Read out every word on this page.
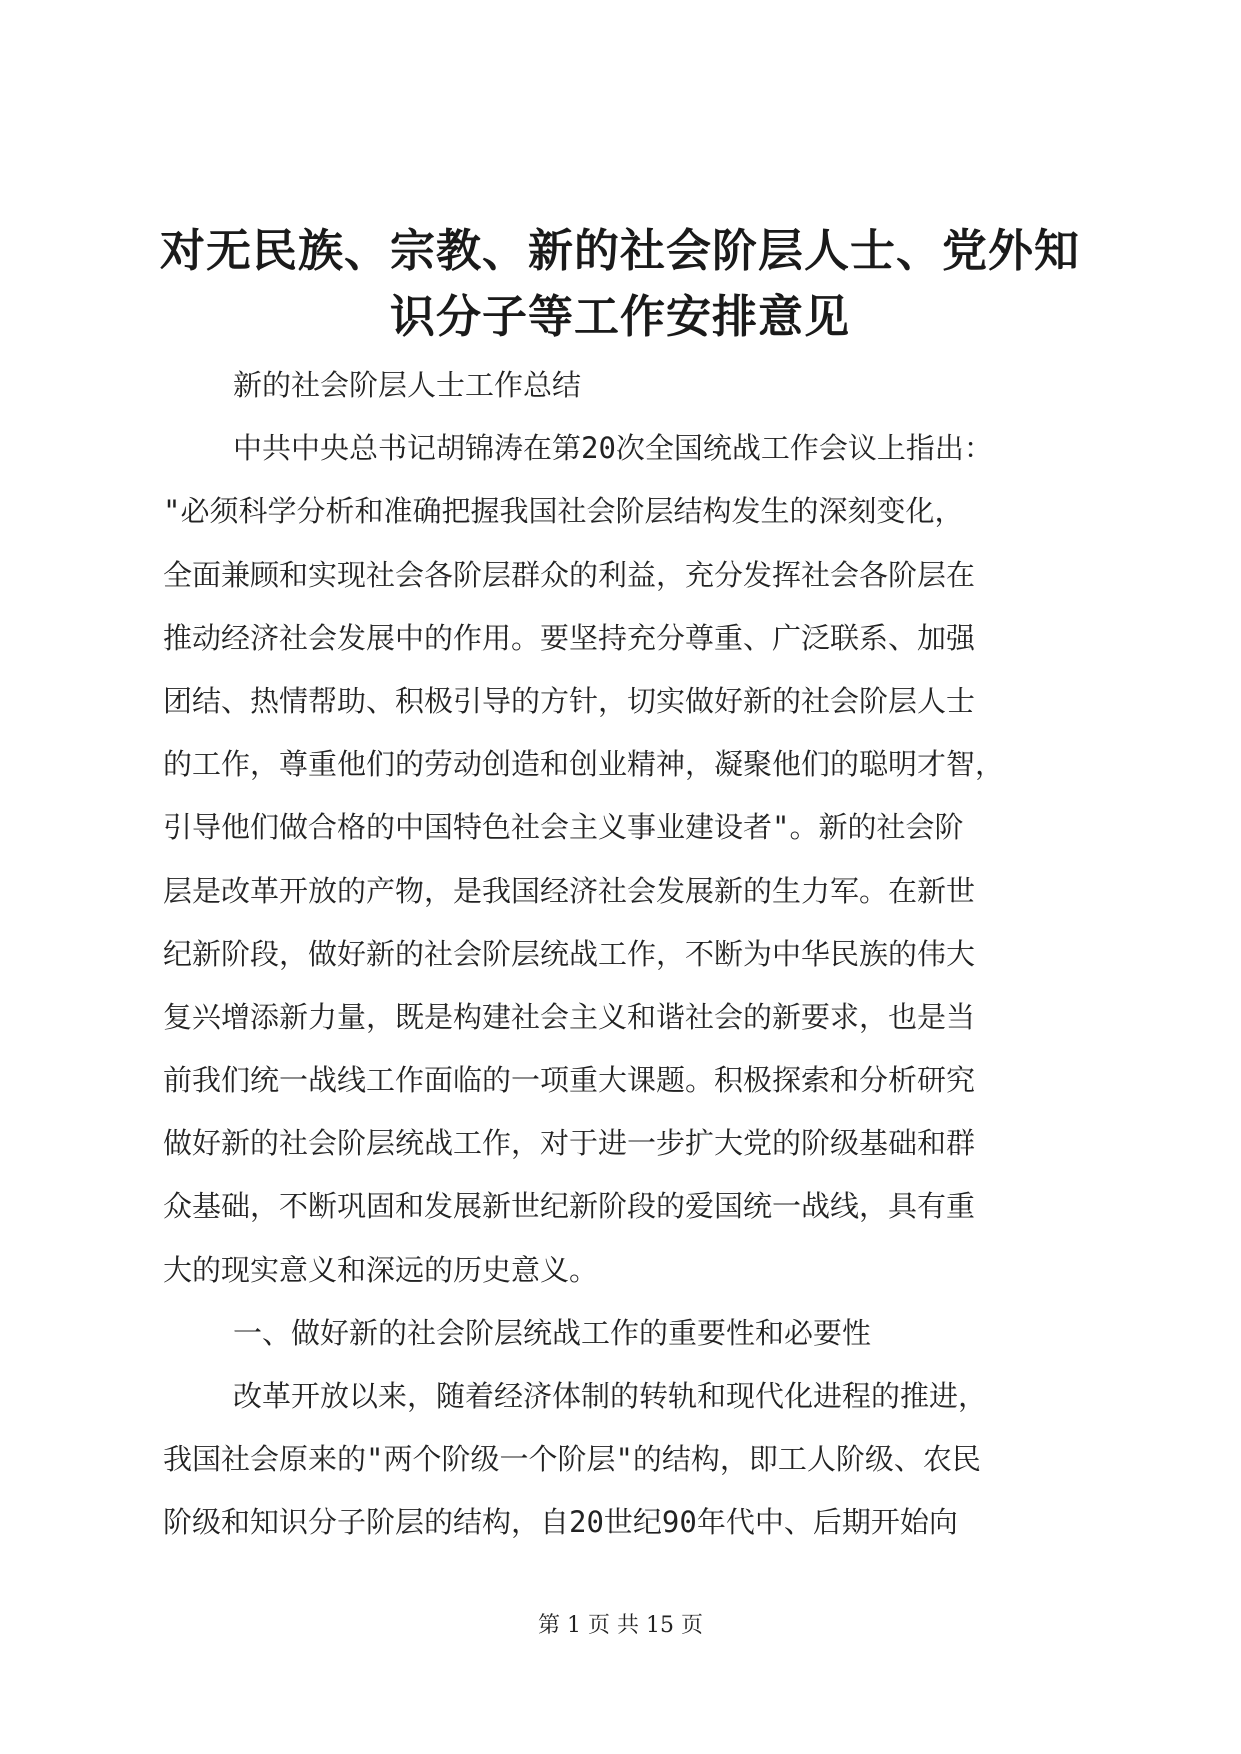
对无民族、宗教、新的社会阶层人士、党外知
识分子等工作安排意见
新的社会阶层人士工作总结
中共中央总书记胡锦涛在第20次全国统战工作会议上指出：
"必须科学分析和准确把握我国社会阶层结构发生的深刻变化，
全面兼顾和实现社会各阶层群众的利益，充分发挥社会各阶层在
推动经济社会发展中的作用。要坚持充分尊重、广泛联系、加强
团结、热情帮助、积极引导的方针，切实做好新的社会阶层人士
的工作，尊重他们的劳动创造和创业精神，凝聚他们的聪明才智，
引导他们做合格的中国特色社会主义事业建设者"。新的社会阶
层是改革开放的产物，是我国经济社会发展新的生力军。在新世
纪新阶段，做好新的社会阶层统战工作，不断为中华民族的伟大
复兴增添新力量，既是构建社会主义和谐社会的新要求，也是当
前我们统一战线工作面临的一项重大课题。积极探索和分析研究
做好新的社会阶层统战工作，对于进一步扩大党的阶级基础和群
众基础，不断巩固和发展新世纪新阶段的爱国统一战线，具有重
大的现实意义和深远的历史意义。
一、做好新的社会阶层统战工作的重要性和必要性
改革开放以来，随着经济体制的转轨和现代化进程的推进，
我国社会原来的"两个阶级一个阶层"的结构，即工人阶级、农民
阶级和知识分子阶层的结构，自20世纪90年代中、后期开始向
第 1 页 共 15 页
